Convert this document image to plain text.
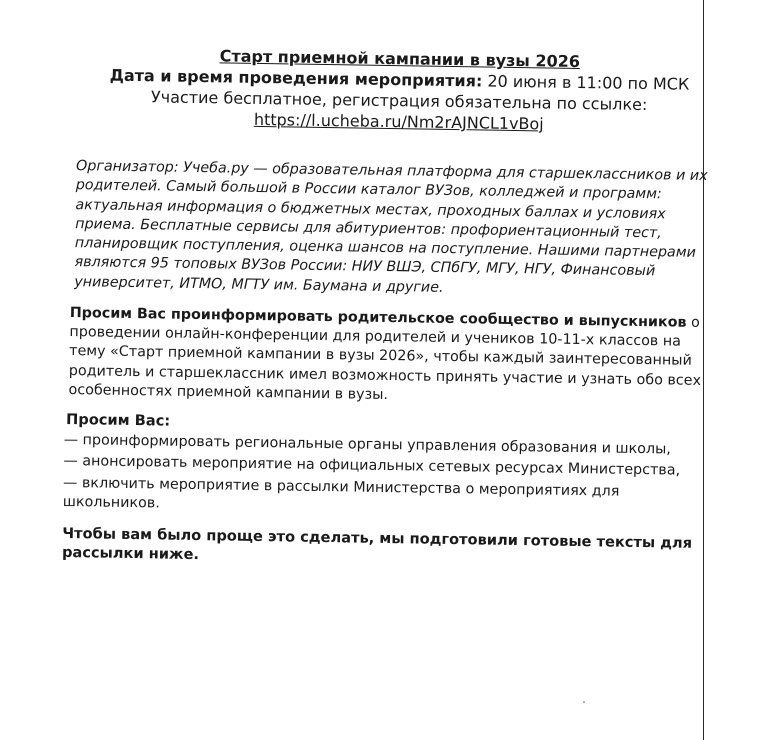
Старт приемной кампании в вузы 2026

Дата и время проведения мероприятия: 20 июня в 11:00 по МСК

Участие бесплатное, регистрация обязательна по ссылке:

https://l.ucheba.ru/Nm2rAJNCL1vBoj

Организатор: Учеба.ру — образовательная платформа для старшеклассников и их родителей. Самый большой в России каталог ВУЗов, колледжей и программ: актуальная информация о бюджетных местах, проходных баллах и условиях приема. Бесплатные сервисы для абитуриентов: профориентационный тест, планировщик поступления, оценка шансов на поступление. Нашими партнерами являются 95 топовых ВУЗов России: НИУ ВШЭ, СПбГУ, МГУ, НГУ, Финансовый университет, ИТМО, МГТУ им. Баумана и другие.

Просим Вас проинформировать родительское сообщество и выпускников о проведении онлайн-конференции для родителей и учеников 10-11-х классов на тему «Старт приемной кампании в вузы 2026», чтобы каждый заинтересованный родитель и старшеклассник имел возможность принять участие и узнать обо всех особенностях приемной кампании в вузы.

Просим Вас:

— проинформировать региональные органы управления образования и школы,

— анонсировать мероприятие на официальных сетевых ресурсах Министерства,

— включить мероприятие в рассылки Министерства о мероприятиях для школьников.

Чтобы вам было проще это сделать, мы подготовили готовые тексты для рассылки ниже.
